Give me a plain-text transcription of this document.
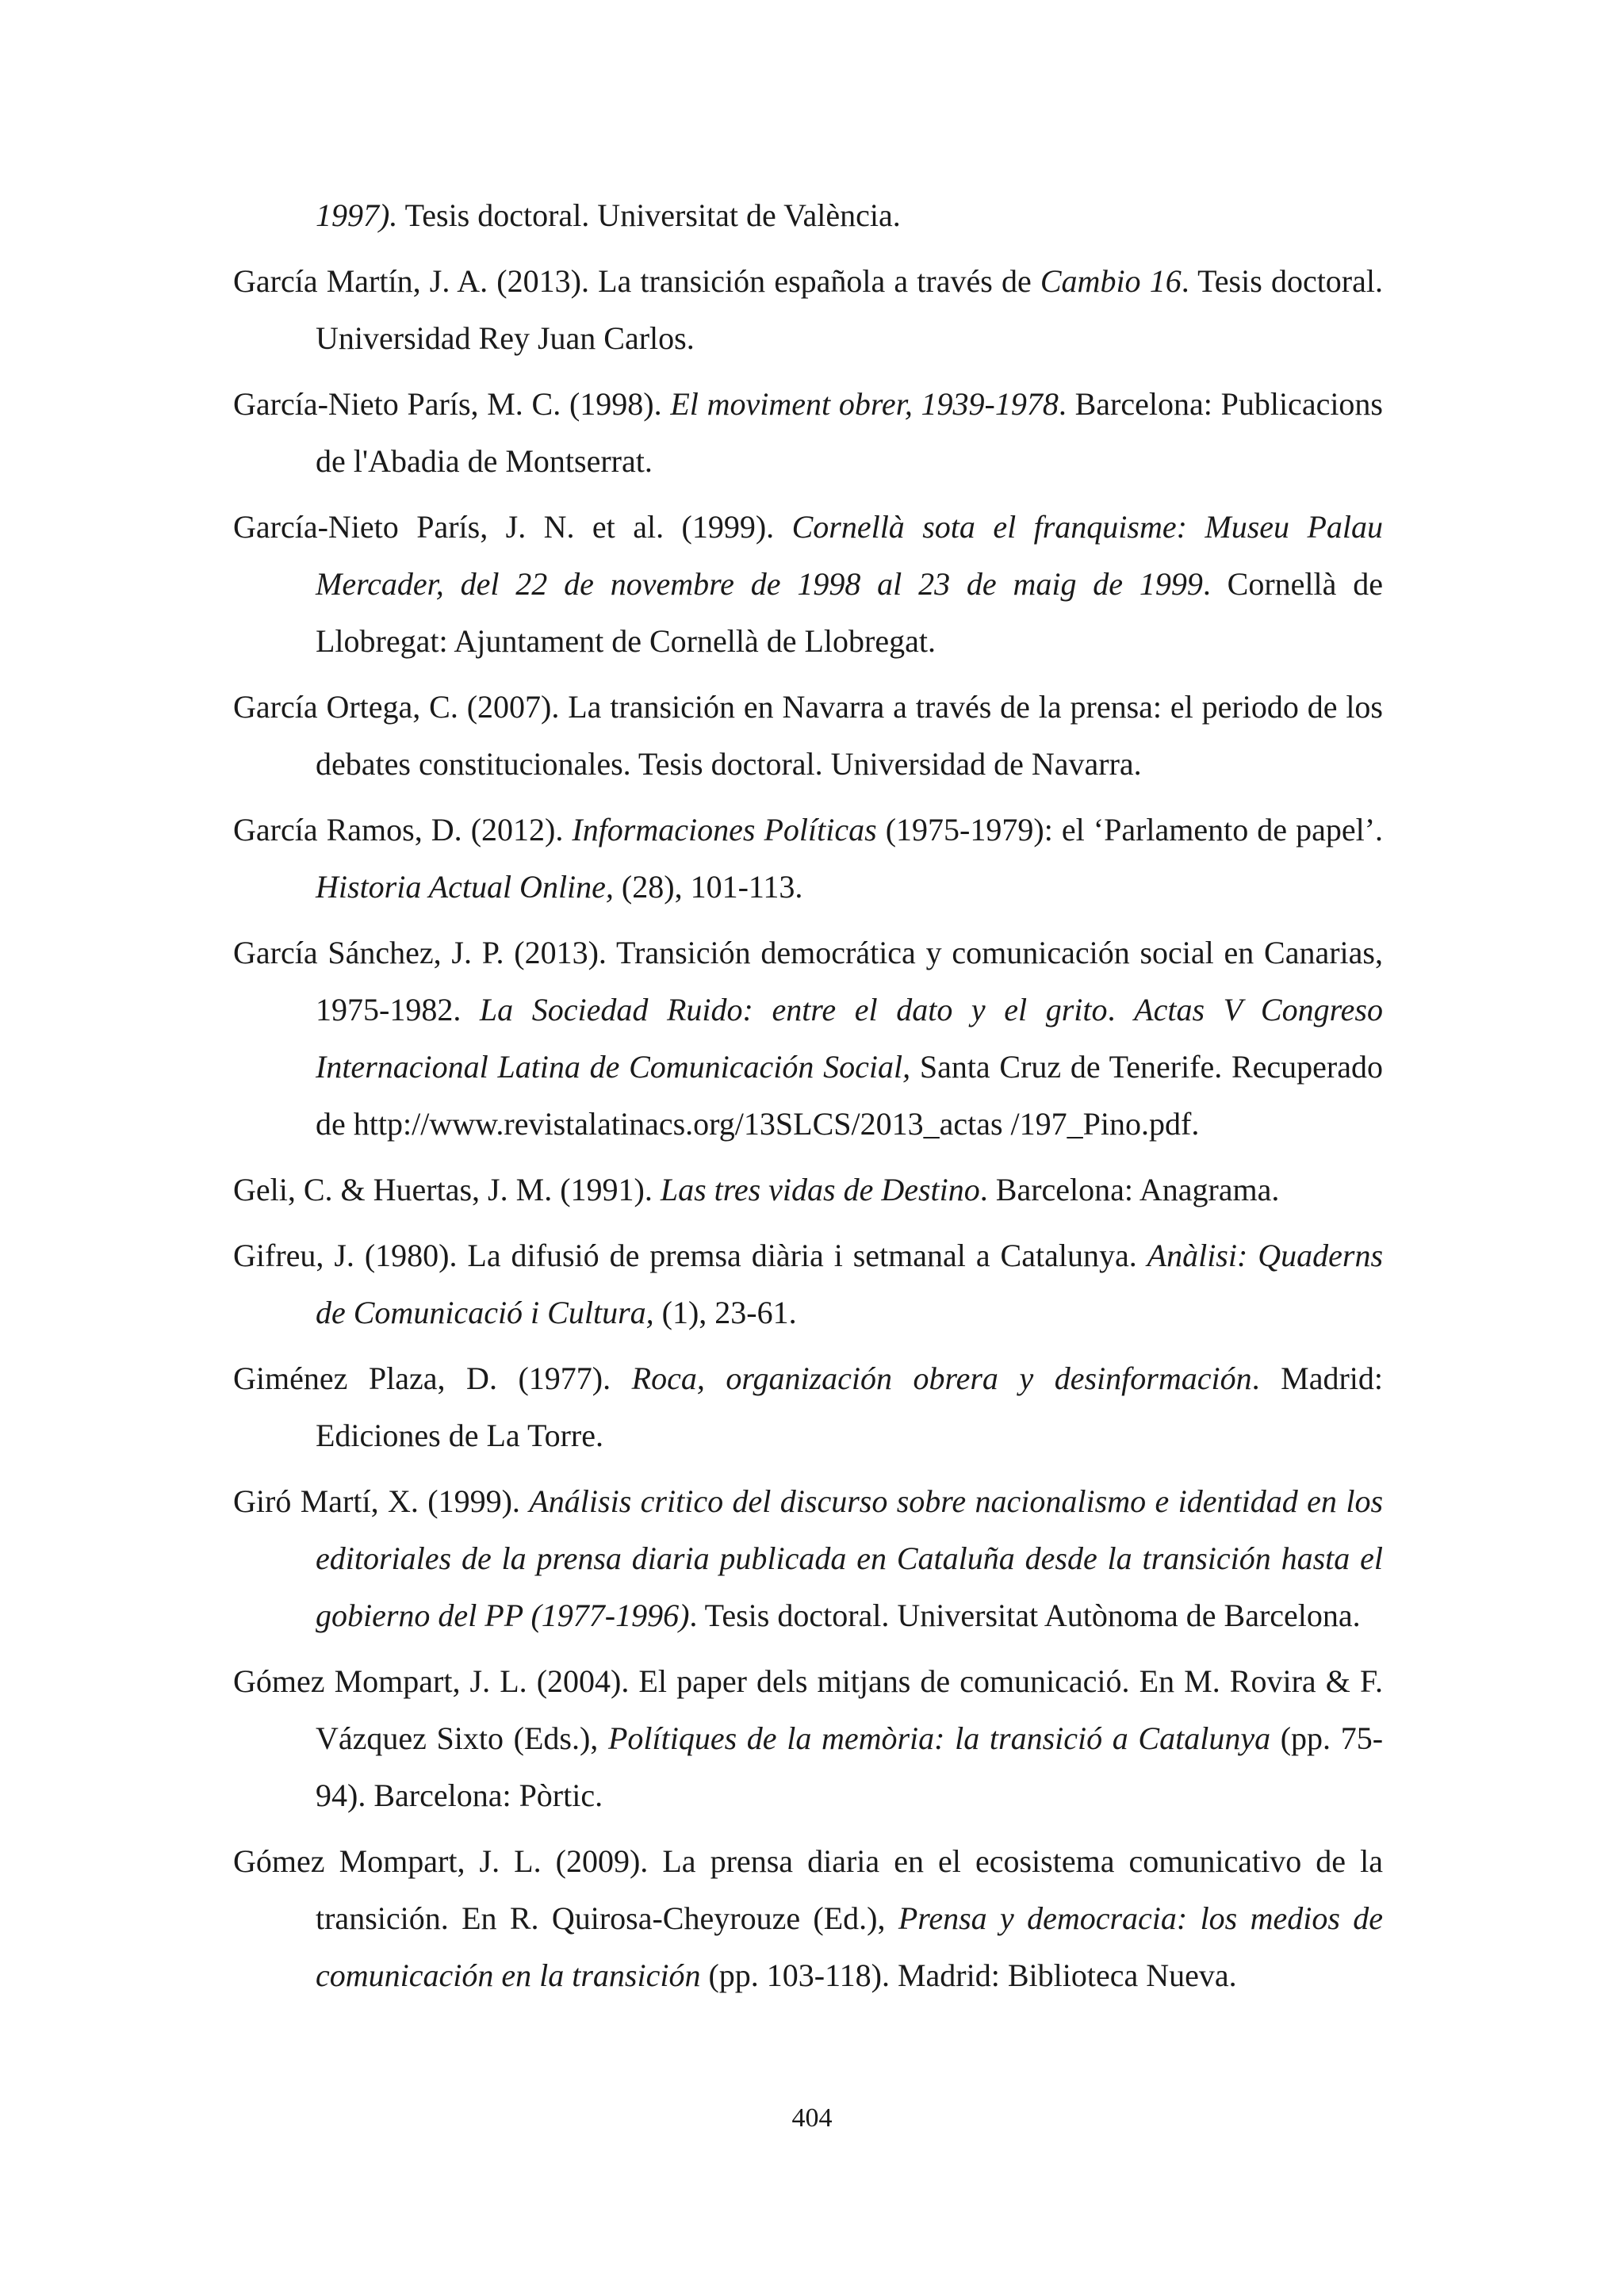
1997). Tesis doctoral. Universitat de València.

García Martín, J. A. (2013). La transición española a través de Cambio 16. Tesis doctoral. Universidad Rey Juan Carlos.

García-Nieto París, M. C. (1998). El moviment obrer, 1939-1978. Barcelona: Publicacions de l'Abadia de Montserrat.

García-Nieto París, J. N. et al. (1999). Cornellà sota el franquisme: Museu Palau Mercader, del 22 de novembre de 1998 al 23 de maig de 1999. Cornellà de Llobregat: Ajuntament de Cornellà de Llobregat.

García Ortega, C. (2007). La transición en Navarra a través de la prensa: el periodo de los debates constitucionales. Tesis doctoral. Universidad de Navarra.

García Ramos, D. (2012). Informaciones Políticas (1975-1979): el ‘Parlamento de papel’. Historia Actual Online, (28), 101-113.

García Sánchez, J. P. (2013). Transición democrática y comunicación social en Canarias, 1975-1982. La Sociedad Ruido: entre el dato y el grito. Actas V Congreso Internacional Latina de Comunicación Social, Santa Cruz de Tenerife. Recuperado de http://www.revistalatinacs.org/13SLCS/2013_actas /197_Pino.pdf.

Geli, C. & Huertas, J. M. (1991). Las tres vidas de Destino. Barcelona: Anagrama.

Gifreu, J. (1980). La difusió de premsa diària i setmanal a Catalunya. Anàlisi: Quaderns de Comunicació i Cultura, (1), 23-61.

Giménez Plaza, D. (1977). Roca, organización obrera y desinformación. Madrid: Ediciones de La Torre.

Giró Martí, X. (1999). Análisis critico del discurso sobre nacionalismo e identidad en los editoriales de la prensa diaria publicada en Cataluña desde la transición hasta el gobierno del PP (1977-1996). Tesis doctoral. Universitat Autònoma de Barcelona.

Gómez Mompart, J. L. (2004). El paper dels mitjans de comunicació. En M. Rovira & F. Vázquez Sixto (Eds.), Polítiques de la memòria: la transició a Catalunya (pp. 75-94). Barcelona: Pòrtic.

Gómez Mompart, J. L. (2009). La prensa diaria en el ecosistema comunicativo de la transición. En R. Quirosa-Cheyrouze (Ed.), Prensa y democracia: los medios de comunicación en la transición (pp. 103-118). Madrid: Biblioteca Nueva.

404
